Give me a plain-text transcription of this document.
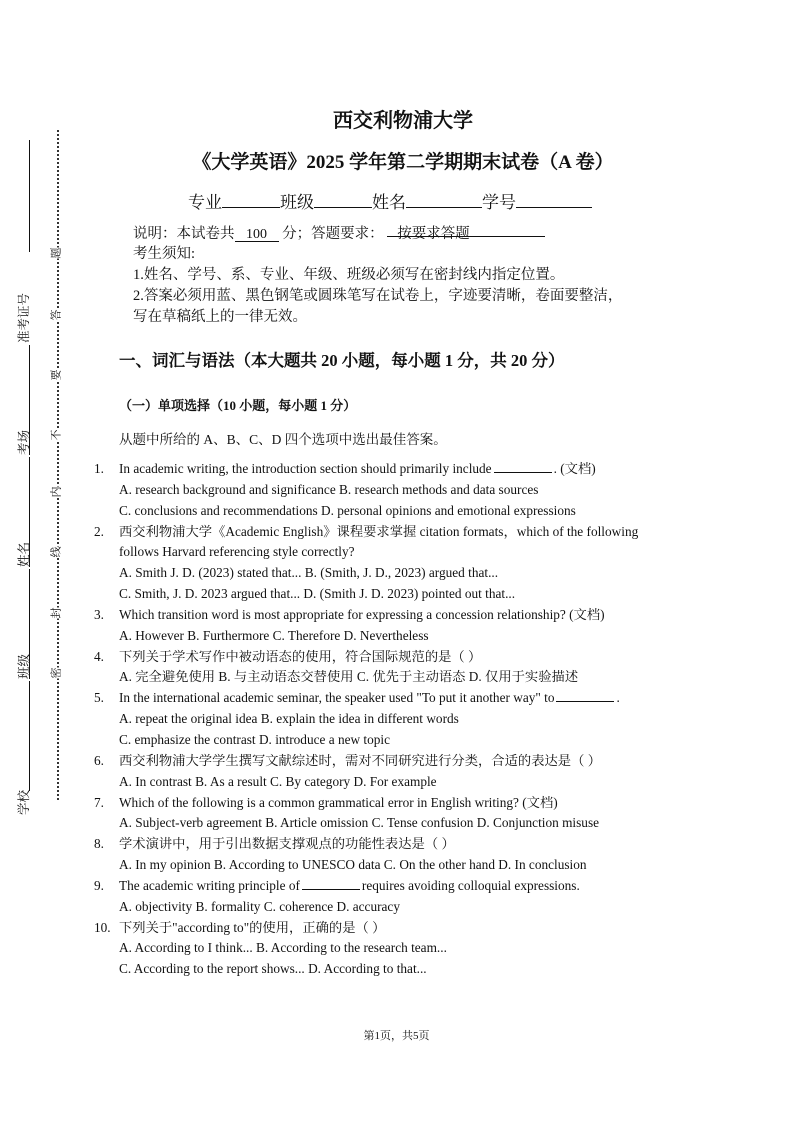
准考证号
考场
姓名
班级
学校
密
封
线
内
不
要
答
题
西交利物浦大学
《大学英语》2025 学年第二学期期末试卷（A 卷）
专业	班级	姓名	学号
说明：本试卷共 100 分；答题要求： 按要求答题
考生须知:
1.姓名、学号、系、专业、年级、班级必须写在密封线内指定位置。
2.答案必须用蓝、黑色钢笔或圆珠笔写在试卷上，字迹要清晰，卷面要整洁，
写在草稿纸上的一律无效。
一、词汇与语法（本大题共 20 小题，每小题 1 分，共 20 分）
（一）单项选择（10 小题，每小题 1 分）
从题中所给的 A、B、C、D 四个选项中选出最佳答案。
1.	In academic writing, the introduction section should primarily include	. (文档)
A. research background and significance B. research methods and data sources
C. conclusions and recommendations D. personal opinions and emotional expressions
2.	西交利物浦大学《Academic English》课程要求掌握 citation formats，which of the following
follows Harvard referencing style correctly?
A. Smith J. D. (2023) stated that... B. (Smith, J. D., 2023) argued that...
C. Smith, J. D. 2023 argued that... D. (Smith J. D. 2023) pointed out that...
3.	Which transition word is most appropriate for expressing a concession relationship? (文档)
A. However B. Furthermore C. Therefore D. Nevertheless
4.	下列关于学术写作中被动语态的使用，符合国际规范的是（ ）
A. 完全避免使用 B. 与主动语态交替使用 C. 优先于主动语态 D. 仅用于实验描述
5.	In the international academic seminar, the speaker used "To put it another way" to	.
A. repeat the original idea B. explain the idea in different words
C. emphasize the contrast D. introduce a new topic
6.	西交利物浦大学学生撰写文献综述时，需对不同研究进行分类，合适的表达是（ ）
A. In contrast B. As a result C. By category D. For example
7.	Which of the following is a common grammatical error in English writing? (文档)
A. Subject-verb agreement B. Article omission C. Tense confusion D. Conjunction misuse
8.	学术演讲中，用于引出数据支撑观点的功能性表达是（ ）
A. In my opinion B. According to UNESCO data C. On the other hand D. In conclusion
9.	The academic writing principle of	requires avoiding colloquial expressions.
A. objectivity B. formality C. coherence D. accuracy
10. 下列关于"according to"的使用，正确的是（ ）
A. According to I think... B. According to the research team...
C. According to the report shows... D. According to that...
第1页，共5页
